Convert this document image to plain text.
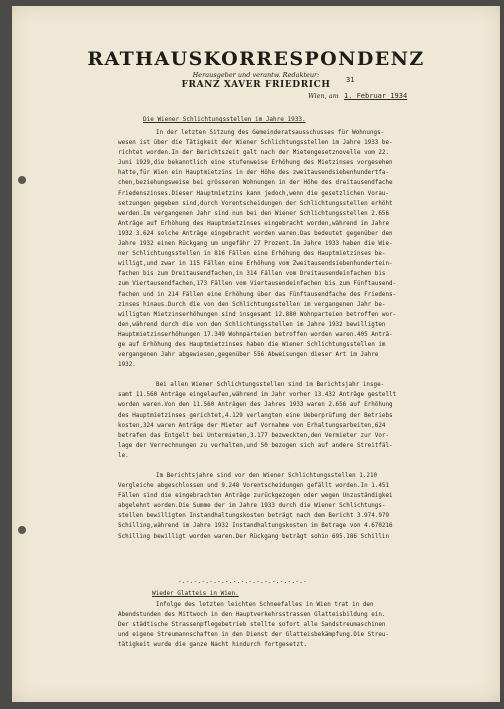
RATHAUSKORRESPONDENZ
Herausgeber und verantw. Redakteur:
FRANZ XAVER FRIEDRICH	31
Wien, am 1. Februar 1934
Die Wiener Schlichtungsstellen im Jahre 1933.
In der letzten Sitzung des Gemeinderatsausschusses für Wohnungs-
wesen ist über die Tätigkeit der Wiener Schlichtungsstellen im Jahre 1933 be-
richtet worden.In der Berichtszeit galt nach der Mietengesetznovelle vom 22.
Juni 1929,die bekanntlich eine stufenweise Erhöhung des Mietzinses vorgesehen
hatte,für Wien ein Hauptmietzins in der Höhe des zweitausendsiebenhundertfa-
chen,beziehungsweise bei grösseren Wohnungen in der Höhe des dreitausendfache
Friedenszinses.Dieser Hauptmietzins kann jedoch,wenn die gesetzlichen Vorau-
setzungen gegeben sind,durch Vorentscheidungen der Schlichtungsstellen erhöht
werden.Im vergangenen Jahr sind nun bei den Wiener Schlichtungsstellen 2.656
Anträge auf Erhöhung des Hauptmietzinses eingebracht worden,während im Jahre
1932 3.624 solche Anträge eingebracht worden waren.Das bedeutet gegenüber den
Jahre 1932 einen Rückgang um ungefähr 27 Prozent.Im Jahre 1933 haben die Wie-
ner Schlichtungsstellen in 816 Fällen eine Erhöhung des Hauptmietzinses be-
willigt,und zwar in 115 Fällen eine Erhöhung vom Zweitausendsiebenhundertein-
fachen bis zum Dreitausendfachen,in 314 Fällen vom Dreitausendeinfachen bis
zum Viertausendfachen,173 Fällen vom Viertausendeinfachen bis zum Fünftausend-
fachen und in 214 Fällen eine Erhöhung über das Fünftausendfache des Friedens-
zinses hinaus.Durch die von den Schlichtungsstellen im vergangenen Jahr be-
willigten Mietzinserhöhungen sind insgesamt 12.880 Wohnparteien betroffen wor-
den,während durch die von den Schlichtungsstellen im Jahre 1932 bewilligten
Hauptmietzinserhöhungen 17.349 Wohnparteien betroffen worden waren.405 Anträ-
ge auf Erhöhung des Hauptmietzinses haben die Wiener Schlichtungsstellen im
vergangenen Jahr abgewiesen,gegenüber 556 Abweisungen dieser Art im Jahre
1932.
Bei allen Wiener Schlichtungsstellen sind im Berichtsjahr insge-
samt 11.560 Anträge eingelaufen,während im Jahr vorher 13.432 Anträge gestellt
worden waren.Von den 11.560 Anträgen des Jahres 1933 waren 2.656 auf Erhöhung
des Hauptmietzinses gerichtet,4.129 verlangten eine Ueberprüfung der Betriebs
kosten,324 waren Anträge der Mieter auf Vornahme von Erhaltungsarbeiten,624
betrafen das Entgelt bei Untermieten,3.177 bezweckten,den Vermieter zur Vor-
lage der Verrechnungen zu verhalten,und 50 bezogen sich auf andere Streitfäl-
le.
Im Berichtsjahre sind vor den Wiener Schlichtungsstellen 1.210
Vergleiche abgeschlossen und 9.248 Vorentscheidungen gefällt worden.In 1.451
Fällen sind die eingebrachten Anträge zurückgezogen oder wegen Unzuständigkei
abgelehnt worden.Die Summe der im Jahre 1933 durch die Wiener Schlichtungs-
stellen bewilligten Instandhaltungskosten beträgt nach dem Bericht 3.974.979
Schilling,während im Jahre 1932 Instandhaltungskosten im Betrage von 4.670216
Schilling bewilligt worden waren.Der Rückgang beträgt sohin 695.186 Schillin
-.-.-.-.-.-.-.-.-.-.-.-.-.-.-.-.-
Wieder Glatteis in Wien.
Infolge des letzten leichten Schneefalles in Wien trat in den
Abendstunden des Mittwoch in den Hauptverkehrsstrassen Glatteisbildung ein.
Der städtische Strassenpflegebetrieb stellte sofort alle Sandstreumaschinen
und eigene Streumannschaften in den Dienst der Glatteisbekämpfung.Die Streu-
tätigkeit wurde die ganze Nacht hindurch fortgesetzt.
